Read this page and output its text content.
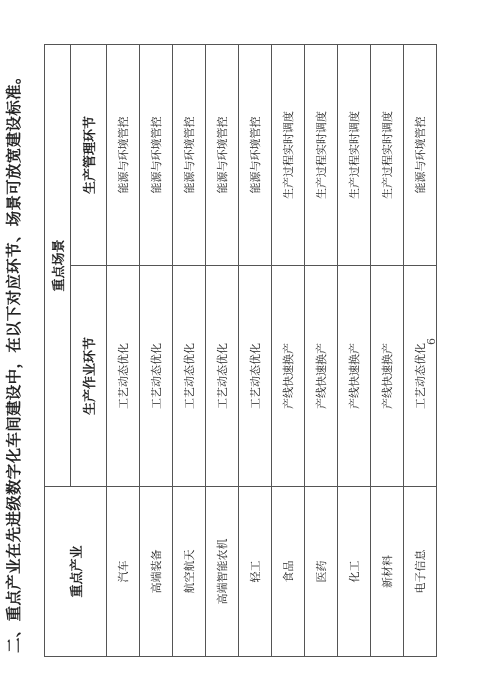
二、重点产业在先进级数字化车间建设中，在以下对应环节、场景可放宽建设标准。	重点产业	重点场景	
	生产作业环节	生产管理环节
汽车	工艺动态优化	能源与环境管控
高端装备	工艺动态优化	能源与环境管控
航空航天	工艺动态优化	能源与环境管控
高端智能农机	工艺动态优化	能源与环境管控
轻工	工艺动态优化	能源与环境管控
食品	产线快速换产	生产过程实时调度
医药	产线快速换产	生产过程实时调度
化工	产线快速换产	生产过程实时调度
新材料	产线快速换产	生产过程实时调度
电子信息	工艺动态优化	能源与环境管控
6
